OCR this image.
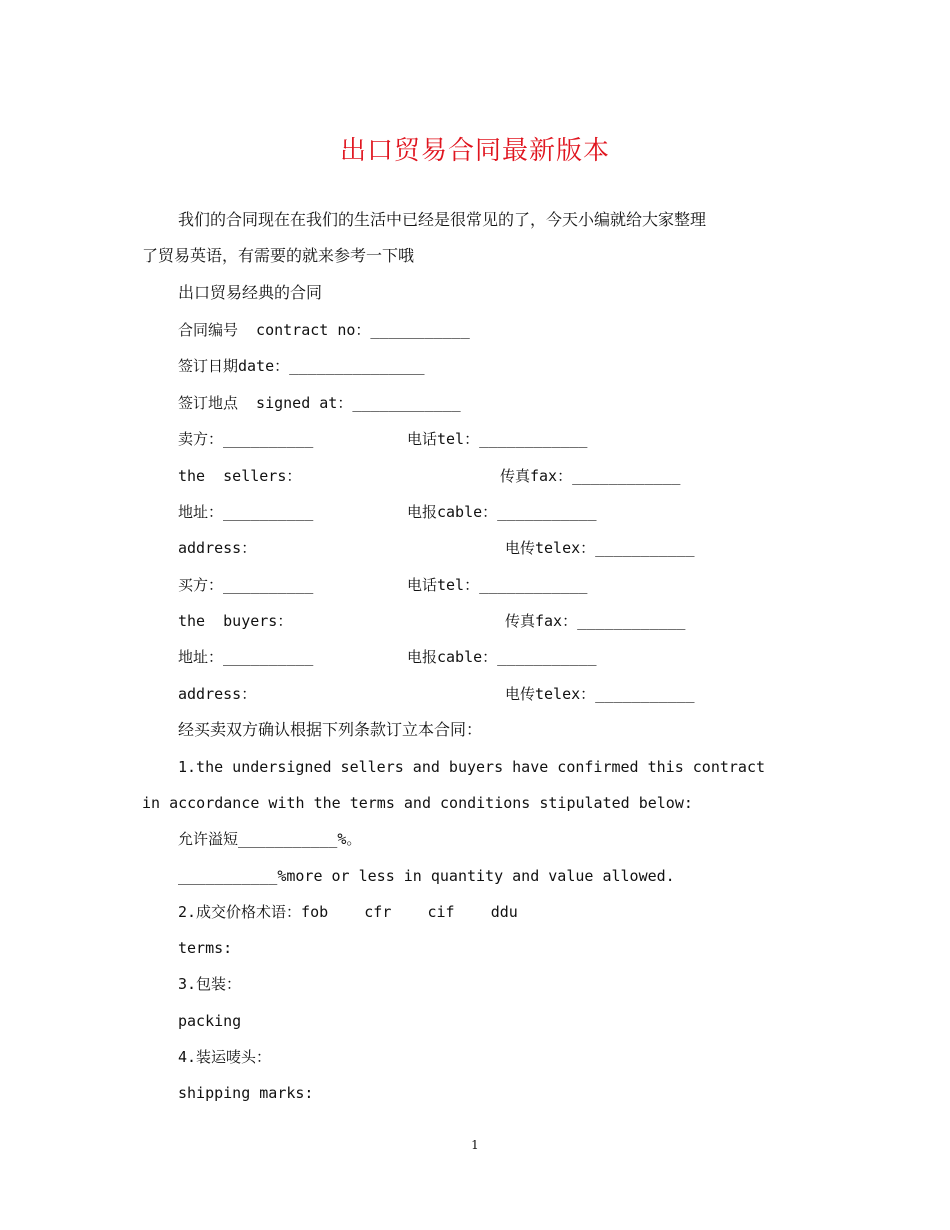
出口贸易合同最新版本
我们的合同现在在我们的生活中已经是很常见的了，今天小编就给大家整理
了贸易英语，有需要的就来参考一下哦
出口贸易经典的合同
合同编号  contract no：___________
签订日期date：_______________
签订地点  signed at：____________
卖方：__________	电话tel：____________
the  sellers：	传真fax：____________
地址：__________	电报cable：___________
address：	电传telex：___________
买方：__________	电话tel：____________
the  buyers：	传真fax：____________
地址：__________	电报cable：___________
address：	电传telex：___________
经买卖双方确认根据下列条款订立本合同：
1.the undersigned sellers and buyers have confirmed this contract
in accordance with the terms and conditions stipulated below:
允许溢短___________%。
___________%more or less in quantity and value allowed.
2.成交价格术语：fob    cfr    cif    ddu
terms:
3.包装：
packing
4.装运唛头：
shipping marks:
1
